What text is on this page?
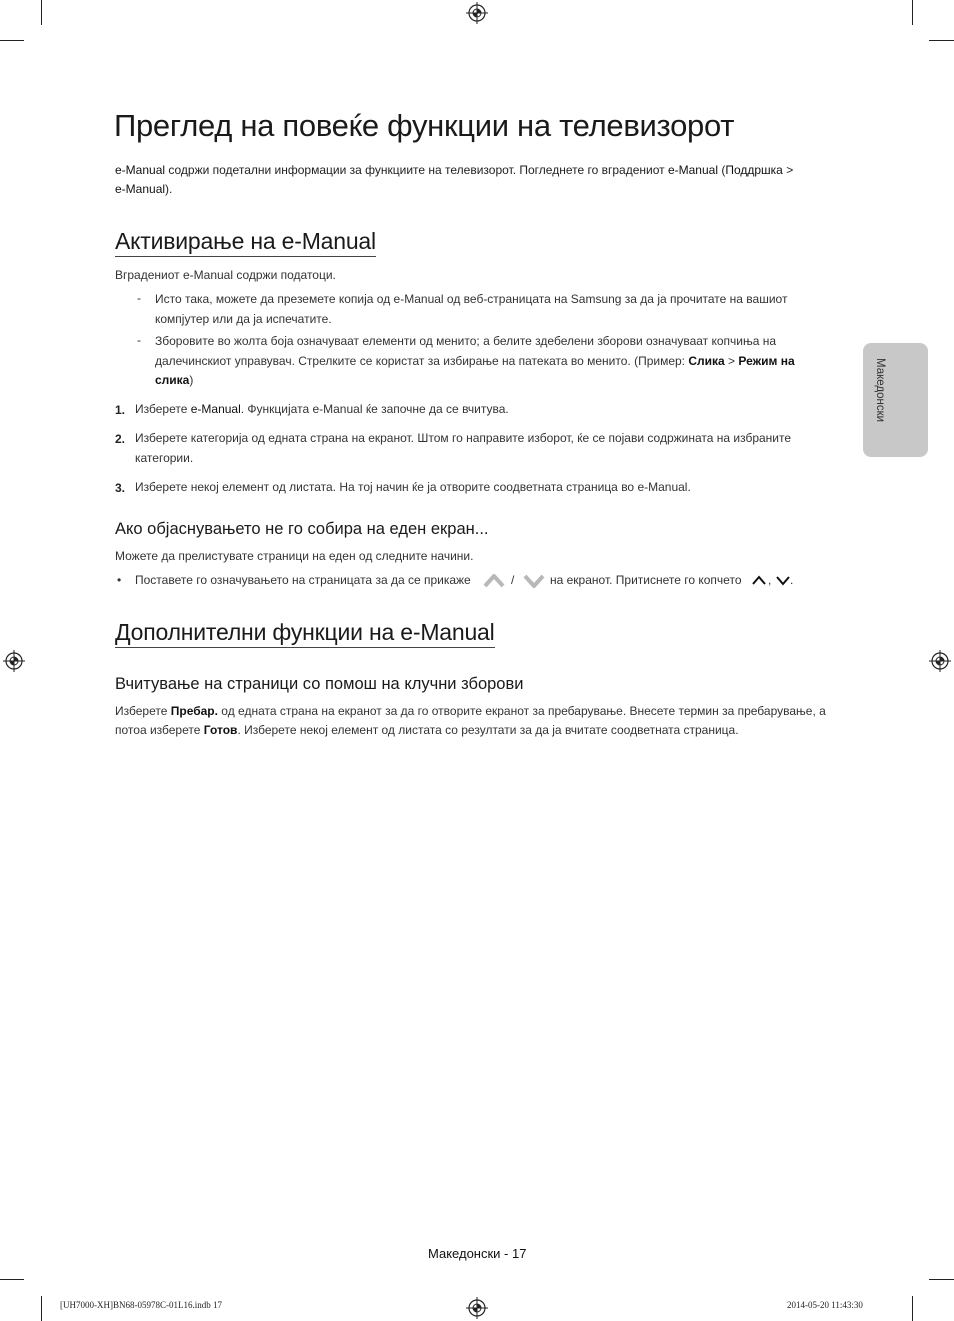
Преглед на повеќе функции на телевизорот
e-Manual содржи подетални информации за функциите на телевизорот. Погледнете го вградениот e-Manual (Поддршка >
e-Manual).
Активирање на e-Manual
Вградениот e-Manual содржи податоци.
- Исто така, можете да преземете копија од e-Manual од веб-страницата на Samsung за да ја прочитате на вашиот
компјутер или да ја испечатите.
- Зборовите во жолта боја означуваат елементи од менито; а белите здебелени зборови означуваат копчиња на
далечинскиот управувач. Стрелките се користат за избирање на патеката во менито. (Пример: Слика > Режим на
слика)
1. Изберете e-Manual. Функцијата e-Manual ќе започне да се вчитува.
2. Изберете категорија од едната страна на екранот. Штом го направите изборот, ќе се појави содржината на избраните
категории.
3. Изберете некој елемент од листата. На тој начин ќе ја отворите соодветната страница во e-Manual.
Ако објаснувањето не го собира на еден екран...
Можете да прелистувате страници на еден од следните начини.
• Поставете го означувањето на страницата за да се прикаже	/	на екранот. Притиснете го копчето , .
Дополнителни функции на e-Manual
Вчитување на страници со помош на клучни зборови
Изберете Пребар. од едната страна на екранот за да го отворите екранот за пребарување. Внесете термин за пребарување, а
потоа изберете Готов. Изберете некој елемент од листата со резултати за да ја вчитате соодветната страница.
Македонски
Македонски - 17
[UH7000-XH]BN68-05978C-01L16.indb 17	2014-05-20 11:43:30
